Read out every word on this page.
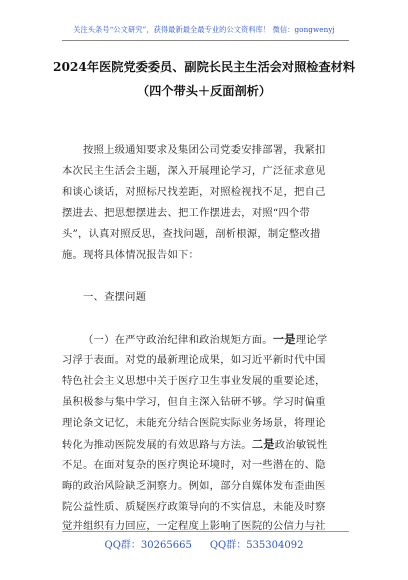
关注头条号“公文研究”，获得最新最全最专业的公文资料库！ 微信：gongwenyj
2024年医院党委委员、副院长民主生活会对照检查材料
（四个带头＋反面剖析）
按照上级通知要求及集团公司党委安排部署，我紧扣
本次民主生活会主题，深入开展理论学习，广泛征求意见
和谈心谈话，对照标尺找差距，对照检视找不足，把自己
摆进去、把思想摆进去、把工作摆进去，对照“四个带
头”，认真对照反思，查找问题，剖析根源，制定整改措
施。现将具体情况报告如下：
一、查摆问题
（一）在严守政治纪律和政治规矩方面。一是理论学
习浮于表面。对党的最新理论成果，如习近平新时代中国
特色社会主义思想中关于医疗卫生事业发展的重要论述，
虽积极参与集中学习，但自主深入钻研不够。学习时偏重
理论条文记忆，未能充分结合医院实际业务场景，将理论
转化为推动医院发展的有效思路与方法。二是政治敏锐性
不足。在面对复杂的医疗舆论环境时，对一些潜在的、隐
晦的政治风险缺乏洞察力。例如，部分自媒体发布歪曲医
院公益性质、质疑医疗政策导向的不实信息，未能及时察
觉并组织有力回应，一定程度上影响了医院的公信力与社
QQ群：30265665 QQ群：535304092
